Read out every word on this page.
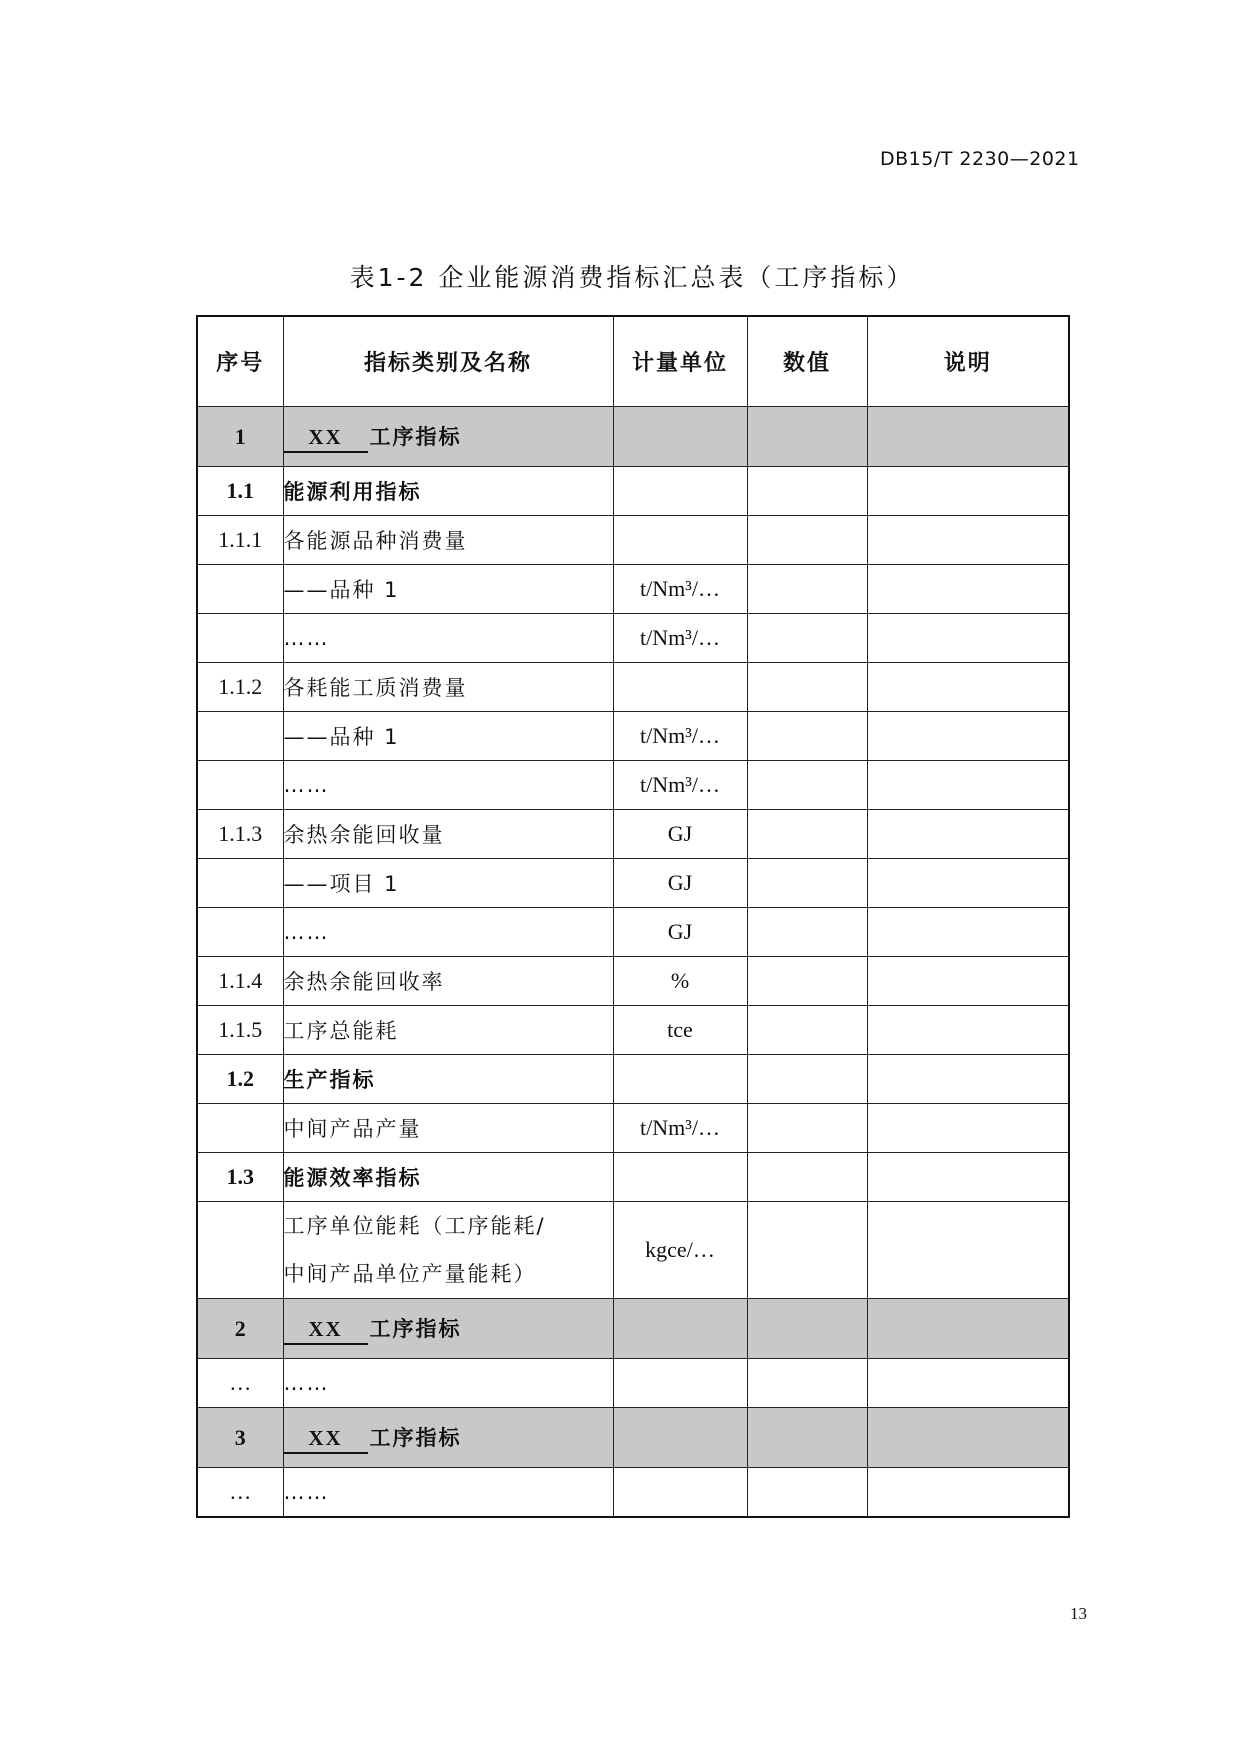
DB15/T 2230—2021
表1-2 企业能源消费指标汇总表（工序指标）
序号	指标类别及名称	计量单位	数值	说明
1	XX 工序指标			
1.1	能源利用指标			
1.1.1	各能源品种消费量			
	——品种 1	t/Nm³/…		
	……	t/Nm³/…		
1.1.2	各耗能工质消费量			
	——品种 1	t/Nm³/…		
	……	t/Nm³/…		
1.1.3	余热余能回收量	GJ		
	——项目 1	GJ		
	……	GJ		
1.1.4	余热余能回收率	%		
1.1.5	工序总能耗	tce		
1.2	生产指标			
	中间产品产量	t/Nm³/…		
1.3	能源效率指标			

	工序单位能耗（工序能耗/
中间产品单位产量能耗）	kgce/…		
2	XX 工序指标			
…	……			
3	XX 工序指标			
…	……			
13
